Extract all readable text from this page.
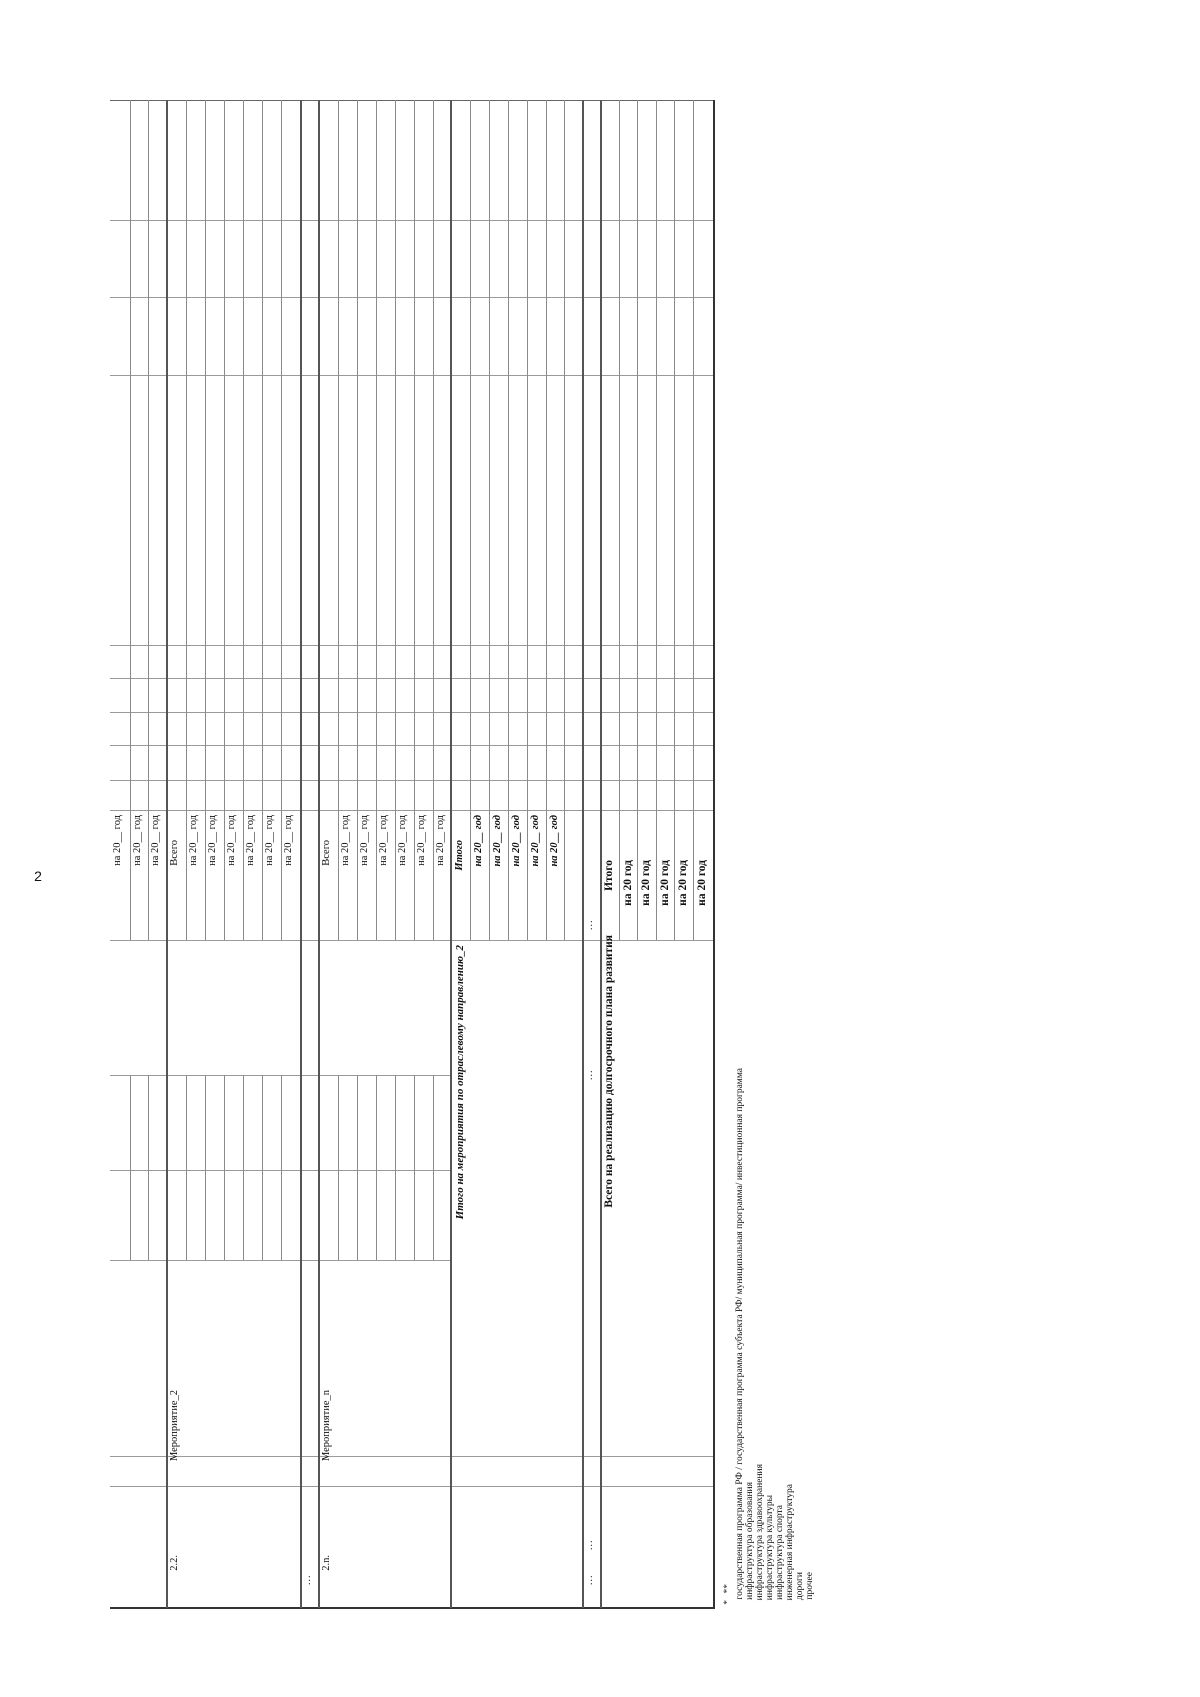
2
на 20__ год на 20__ год на 20__ год
2.2.
Мероприятие_2
Всего на 20__ год на 20__ год на 20__ год на 20__ год на 20__ год на 20__ год
…
2.n.
Мероприятие_n
Всего на 20__ год на 20__ год на 20__ год на 20__ год на 20__ год на 20__ год
Итого на мероприятия по отраслевому направлению_2
Итого на 20__ год на 20__ год на 20__ год на 20__ год на 20__ год
…
…
…
…
Всего на реализацию долгосрочного плана развития
Итого на 20 год на 20 год на 20 год на 20 год на 20 год
*
государственная программа РФ / государственная программа субъекта РФ/ муниципальная программа/ инвестиционная программа
** инфраструктура образования инфраструктура здравоохранения инфраструктура культуры инфраструктура спорта инженерная инфраструктура дороги прочее
